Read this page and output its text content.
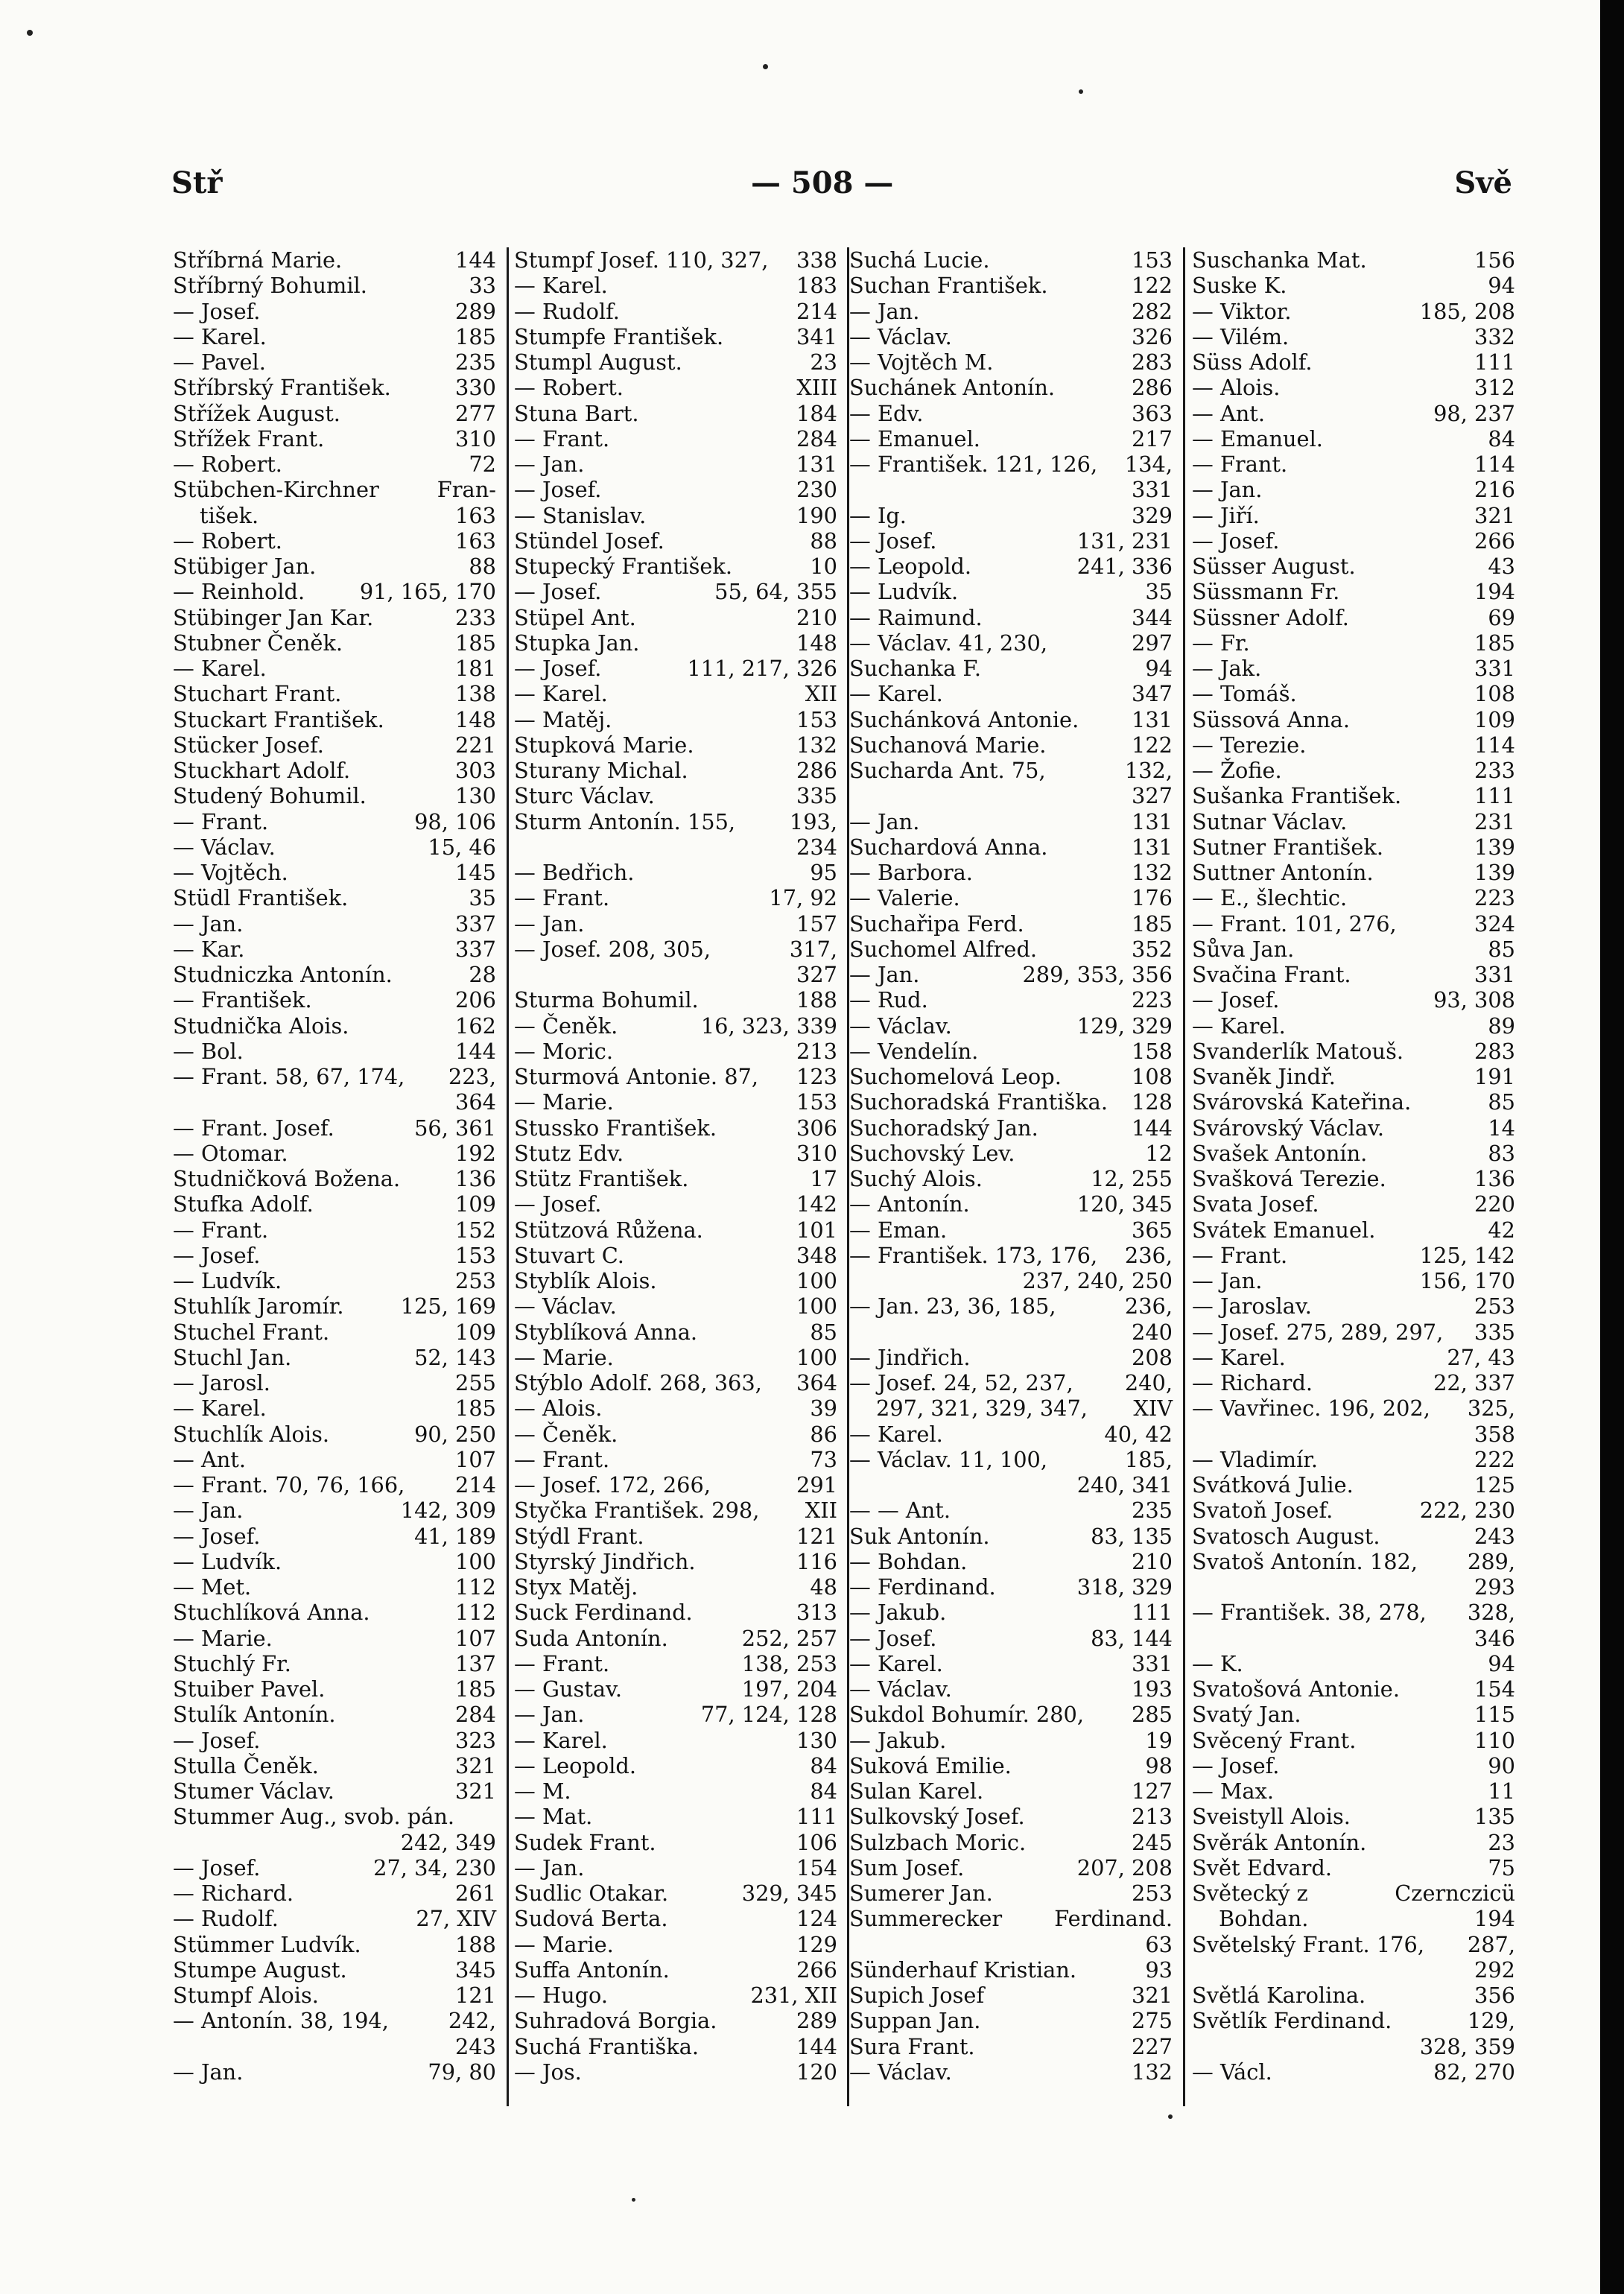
Stř	— 508 —	Svě
Stříbrná Marie.	144
Stříbrný Bohumil.	33
— Josef.	289
— Karel.	185
— Pavel.	235
Stříbrský František.	330
Střížek August.	277
Střížek Frant.	310
— Robert.	72
Stübchen-Kirchner	Fran-
tišek.	163
— Robert.	163
Stübiger Jan.	88
— Reinhold.	91, 165, 170
Stübinger Jan Kar.	233
Stubner Čeněk.	185
— Karel.	181
Stuchart Frant.	138
Stuckart František.	148
Stücker Josef.	221
Stuckhart Adolf.	303
Studený Bohumil.	130
— Frant.	98, 106
— Václav.	15, 46
— Vojtěch.	145
Stüdl František.	35
— Jan.	337
— Kar.	337
Studniczka Antonín.	28
— František.	206
Studnička Alois.	162
— Bol.	144
— Frant. 58, 67, 174, 223,
364
— Frant. Josef.	56, 361
— Otomar.	192
Studničková Božena.	136
Stufka Adolf.	109
— Frant.	152
— Josef.	153
— Ludvík.	253
Stuhlík Jaromír.	125, 169
Stuchel Frant.	109
Stuchl Jan.	52, 143
— Jarosl.	255
— Karel.	185
Stuchlík Alois.	90, 250
— Ant.	107
— Frant. 70, 76, 166, 214
— Jan.	142, 309
— Josef.	41, 189
— Ludvík.	100
— Met.	112
Stuchlíková Anna.	112
— Marie.	107
Stuchlý Fr.	137
Stuiber Pavel.	185
Stulík Antonín.	284
— Josef.	323
Stulla Čeněk.	321
Stumer Václav.	321
Stummer Aug., svob. pán.
242, 349
— Josef.	27, 34, 230
— Richard.	261
— Rudolf.	27, XIV
Stümmer Ludvík.	188
Stumpe August.	345
Stumpf Alois.	121
— Antonín. 38, 194,	242,
243
— Jan.	79, 80
Stumpf Josef. 110, 327, 338
— Karel.	183
— Rudolf.	214
Stumpfe František.	341
Stumpl August.	23
— Robert.	XIII
Stuna Bart.	184
— Frant.	284
— Jan.	131
— Josef.	230
— Stanislav.	190
Stündel Josef.	88
Stupecký František.	10
— Josef.	55, 64, 355
Stüpel Ant.	210
Stupka Jan.	148
— Josef.	111, 217, 326
— Karel.	XII
— Matěj.	153
Stupková Marie.	132
Sturany Michal.	286
Sturc Václav.	335
Sturm Antonín. 155,	193,
234
— Bedřich.	95
— Frant.	17, 92
— Jan.	157
— Josef. 208, 305,	317,
327
Sturma Bohumil.	188
— Čeněk.	16, 323, 339
— Moric.	213
Sturmová Antonie. 87, 123
— Marie.	153
Stussko František.	306
Stutz Edv.	310
Stütz František.	17
— Josef.	142
Stützová Růžena.	101
Stuvart C.	348
Styblík Alois.	100
— Václav.	100
Styblíková Anna.	85
— Marie.	100
Stýblo Adolf. 268, 363, 364
— Alois.	39
— Čeněk.	86
— Frant.	73
— Josef. 172, 266,	291
Styčka František. 298, XII
Stýdl Frant.	121
Styrský Jindřich.	116
Styx Matěj.	48
Suck Ferdinand.	313
Suda Antonín.	252, 257
— Frant.	138, 253
— Gustav.	197, 204
— Jan.	77, 124, 128
— Karel.	130
— Leopold.	84
— M.	84
— Mat.	111
Sudek Frant.	106
— Jan.	154
Sudlic Otakar.	329, 345
Sudová Berta.	124
— Marie.	129
Suffa Antonín.	266
— Hugo.	231, XII
Suhradová Borgia.	289
Suchá Františka.	144
— Jos.	120
Suchá Lucie.	153
Suchan František.	122
— Jan.	282
— Václav.	326
— Vojtěch M.	283
Suchánek Antonín.	286
— Edv.	363
— Emanuel.	217
— František. 121, 126, 134,
331
— Ig.	329
— Josef.	131, 231
— Leopold.	241, 336
— Ludvík.	35
— Raimund.	344
— Václav. 41, 230,	297
Suchanka F.	94
— Karel.	347
Suchánková Antonie. 131
Suchanová Marie.	122
Sucharda Ant. 75,	132,
327
— Jan.	131
Suchardová Anna.	131
— Barbora.	132
— Valerie.	176
Suchařipa Ferd.	185
Suchomel Alfred.	352
— Jan.	289, 353, 356
— Rud.	223
— Václav.	129, 329
— Vendelín.	158
Suchomelová Leop.	108
Suchoradská Františka. 128
Suchoradský Jan.	144
Suchovský Lev.	12
Suchý Alois.	12, 255
— Antonín.	120, 345
— Eman.	365
— František. 173, 176, 236,
237, 240, 250
— Jan. 23, 36, 185,	236,
240
— Jindřich.	208
— Josef. 24, 52, 237, 240,
297, 321, 329, 347, XIV
— Karel.	40, 42
— Václav. 11, 100,	185,
240, 341
— — Ant.	235
Suk Antonín.	83, 135
— Bohdan.	210
— Ferdinand.	318, 329
— Jakub.	111
— Josef.	83, 144
— Karel.	331
— Václav.	193
Sukdol Bohumír. 280, 285
— Jakub.	19
Suková Emilie.	98
Sulan Karel.	127
Sulkovský Josef.	213
Sulzbach Moric.	245
Sum Josef.	207, 208
Sumerer Jan.	253
Summerecker Ferdinand.
63
Sünderhauf Kristian.	93
Supich Josef	321
Suppan Jan.	275
Sura Frant.	227
— Václav.	132
Suschanka Mat.	156
Suske K.	94
— Viktor.	185, 208
— Vilém.	332
Süss Adolf.	111
— Alois.	312
— Ant.	98, 237
— Emanuel.	84
— Frant.	114
— Jan.	216
— Jiří.	321
— Josef.	266
Süsser August.	43
Süssmann Fr.	194
Süssner Adolf.	69
— Fr.	185
— Jak.	331
— Tomáš.	108
Süssová Anna.	109
— Terezie.	114
— Žofie.	233
Sušanka František.	111
Sutnar Václav.	231
Sutner František.	139
Suttner Antonín.	139
— E., šlechtic.	223
— Frant. 101, 276,	324
Sůva Jan.	85
Svačina Frant.	331
— Josef.	93, 308
— Karel.	89
Svanderlík Matouš.	283
Svaněk Jindř.	191
Svárovská Kateřina.	85
Svárovský Václav.	14
Svašek Antonín.	83
Svašková Terezie.	136
Svata Josef.	220
Svátek Emanuel.	42
— Frant.	125, 142
— Jan.	156, 170
— Jaroslav.	253
— Josef. 275, 289, 297, 335
— Karel.	27, 43
— Richard.	22, 337
— Vavřinec. 196, 202, 325,
358
— Vladimír.	222
Svátková Julie.	125
Svatoň Josef.	222, 230
Svatosch August.	243
Svatoš Antonín. 182, 289,
293
— František. 38, 278, 328,
346
— K.	94
Svatošová Antonie.	154
Svatý Jan.	115
Svěcený Frant.	110
— Josef.	90
— Max.	11
Sveistyll Alois.	135
Svěrák Antonín.	23
Svět Edvard.	75
Světecký z	Czernczicü
Bohdan.	194
Světelský Frant. 176, 287,
292
Světlá Karolina.	356
Světlík Ferdinand.	129,
328, 359
— Václ.	82, 270
